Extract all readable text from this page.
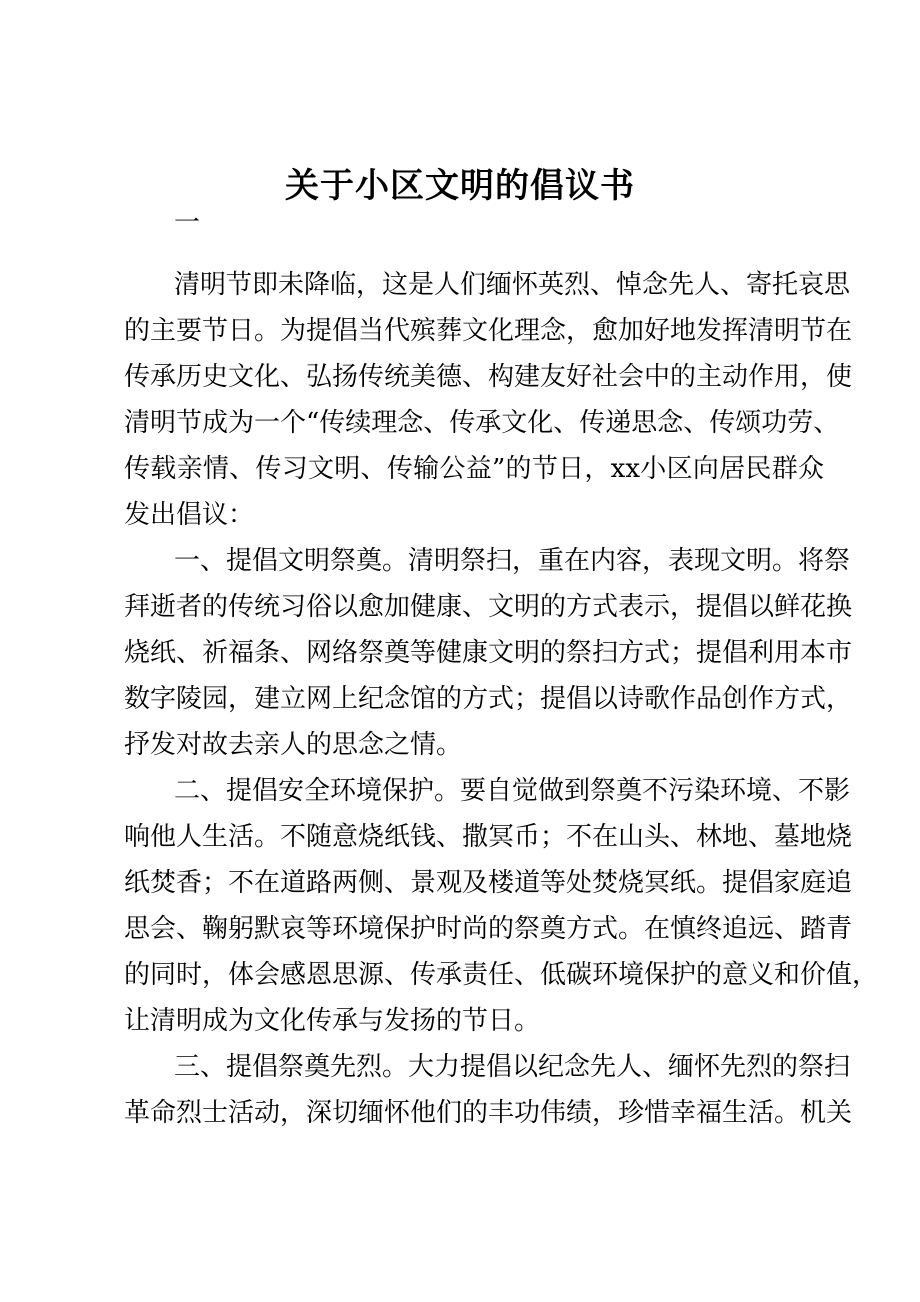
关于小区文明的倡议书

一

清明节即未降临，这是人们缅怀英烈、悼念先人、寄托哀思

的主要节日。为提倡当代殡葬文化理念，愈加好地发挥清明节在

传承历史文化、弘扬传统美德、构建友好社会中的主动作用，使

清明节成为一个“传续理念、传承文化、传递思念、传颂功劳、

传载亲情、传习文明、传输公益”的节日，xx小区向居民群众

发出倡议：

一、提倡文明祭奠。清明祭扫，重在内容，表现文明。将祭

拜逝者的传统习俗以愈加健康、文明的方式表示，提倡以鲜花换

烧纸、祈福条、网络祭奠等健康文明的祭扫方式；提倡利用本市

数字陵园，建立网上纪念馆的方式；提倡以诗歌作品创作方式，

抒发对故去亲人的思念之情。

二、提倡安全环境保护。要自觉做到祭奠不污染环境、不影

响他人生活。不随意烧纸钱、撒冥币；不在山头、林地、墓地烧

纸焚香；不在道路两侧、景观及楼道等处焚烧冥纸。提倡家庭追

思会、鞠躬默哀等环境保护时尚的祭奠方式。在慎终追远、踏青

的同时，体会感恩思源、传承责任、低碳环境保护的意义和价值，

让清明成为文化传承与发扬的节日。

三、提倡祭奠先烈。大力提倡以纪念先人、缅怀先烈的祭扫

革命烈士活动，深切缅怀他们的丰功伟绩，珍惜幸福生活。机关
